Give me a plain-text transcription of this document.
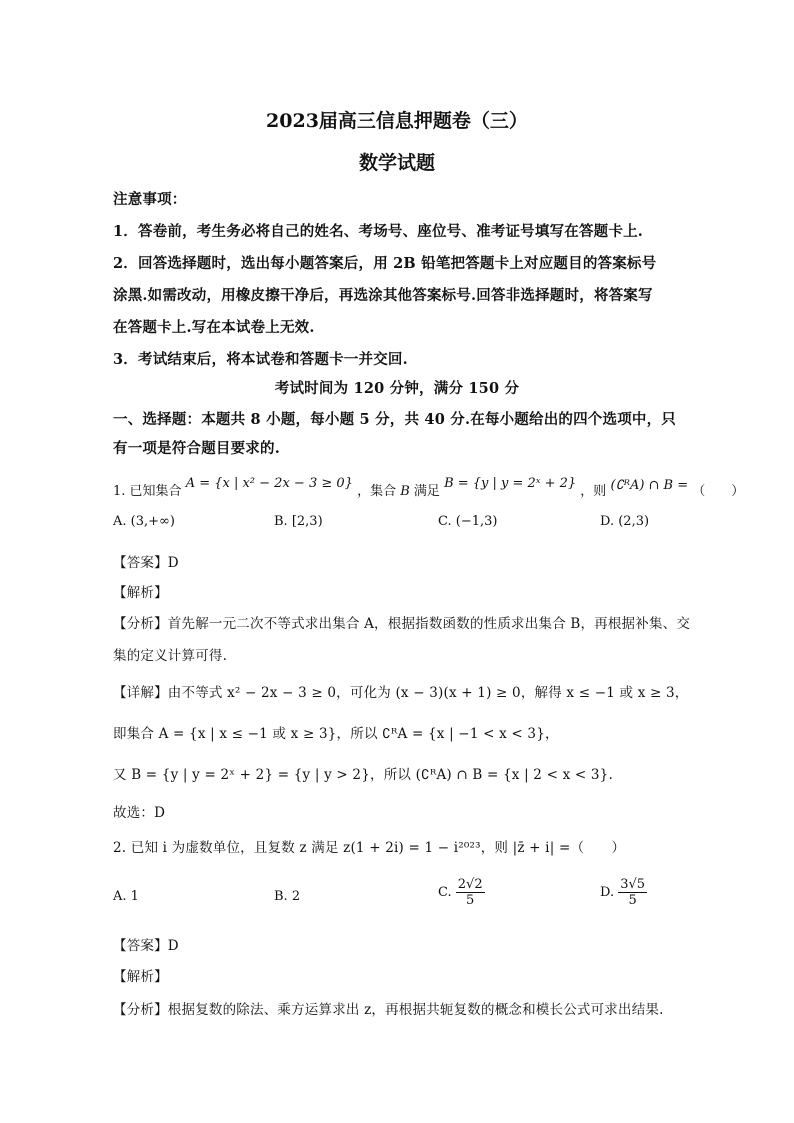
2023届高三信息押题卷（三）
数学试题
注意事项：
1．答卷前，考生务必将自己的姓名、考场号、座位号、准考证号填写在答题卡上.
2．回答选择题时，选出每小题答案后，用 2B 铅笔把答题卡上对应题目的答案标号
涂黑.如需改动，用橡皮擦干净后，再选涂其他答案标号.回答非选择题时，将答案写
在答题卡上.写在本试卷上无效.
3．考试结束后，将本试卷和答题卡一并交回.
考试时间为 120 分钟，满分 150 分
一、选择题：本题共 8 小题，每小题 5 分，共 40 分.在每小题给出的四个选项中，只
有一项是符合题目要求的.
1. 已知集合 A = {x | x² − 2x − 3 ≥ 0} ，集合 B 满足 B = {y | y = 2ˣ + 2} ，则 (∁ᴿA) ∩ B = （　　）
A. (3,+∞)	B. [2,3)	C. (−1,3)	D. (2,3)
【答案】D
【解析】
【分析】首先解一元二次不等式求出集合 A，根据指数函数的性质求出集合 B，再根据补集、交
集的定义计算可得.
【详解】由不等式 x² − 2x − 3 ≥ 0，可化为 (x − 3)(x + 1) ≥ 0，解得 x ≤ −1 或 x ≥ 3，
即集合 A = {x | x ≤ −1 或 x ≥ 3}，所以 ∁ᴿA = {x | −1 < x < 3}，
又 B = {y | y = 2ˣ + 2} = {y | y > 2}，所以 (∁ᴿA) ∩ B = {x | 2 < x < 3}.
故选：D
2. 已知 i 为虚数单位，且复数 z 满足 z(1 + 2i) = 1 − i²⁰²³，则 |z̄ + i| =（　　）
A. 1	B. 2	C. $\frac{2√2}{5}$	D. $\frac{3√5}{5}$
【答案】D
【解析】
【分析】根据复数的除法、乘方运算求出 z，再根据共轭复数的概念和模长公式可求出结果.
